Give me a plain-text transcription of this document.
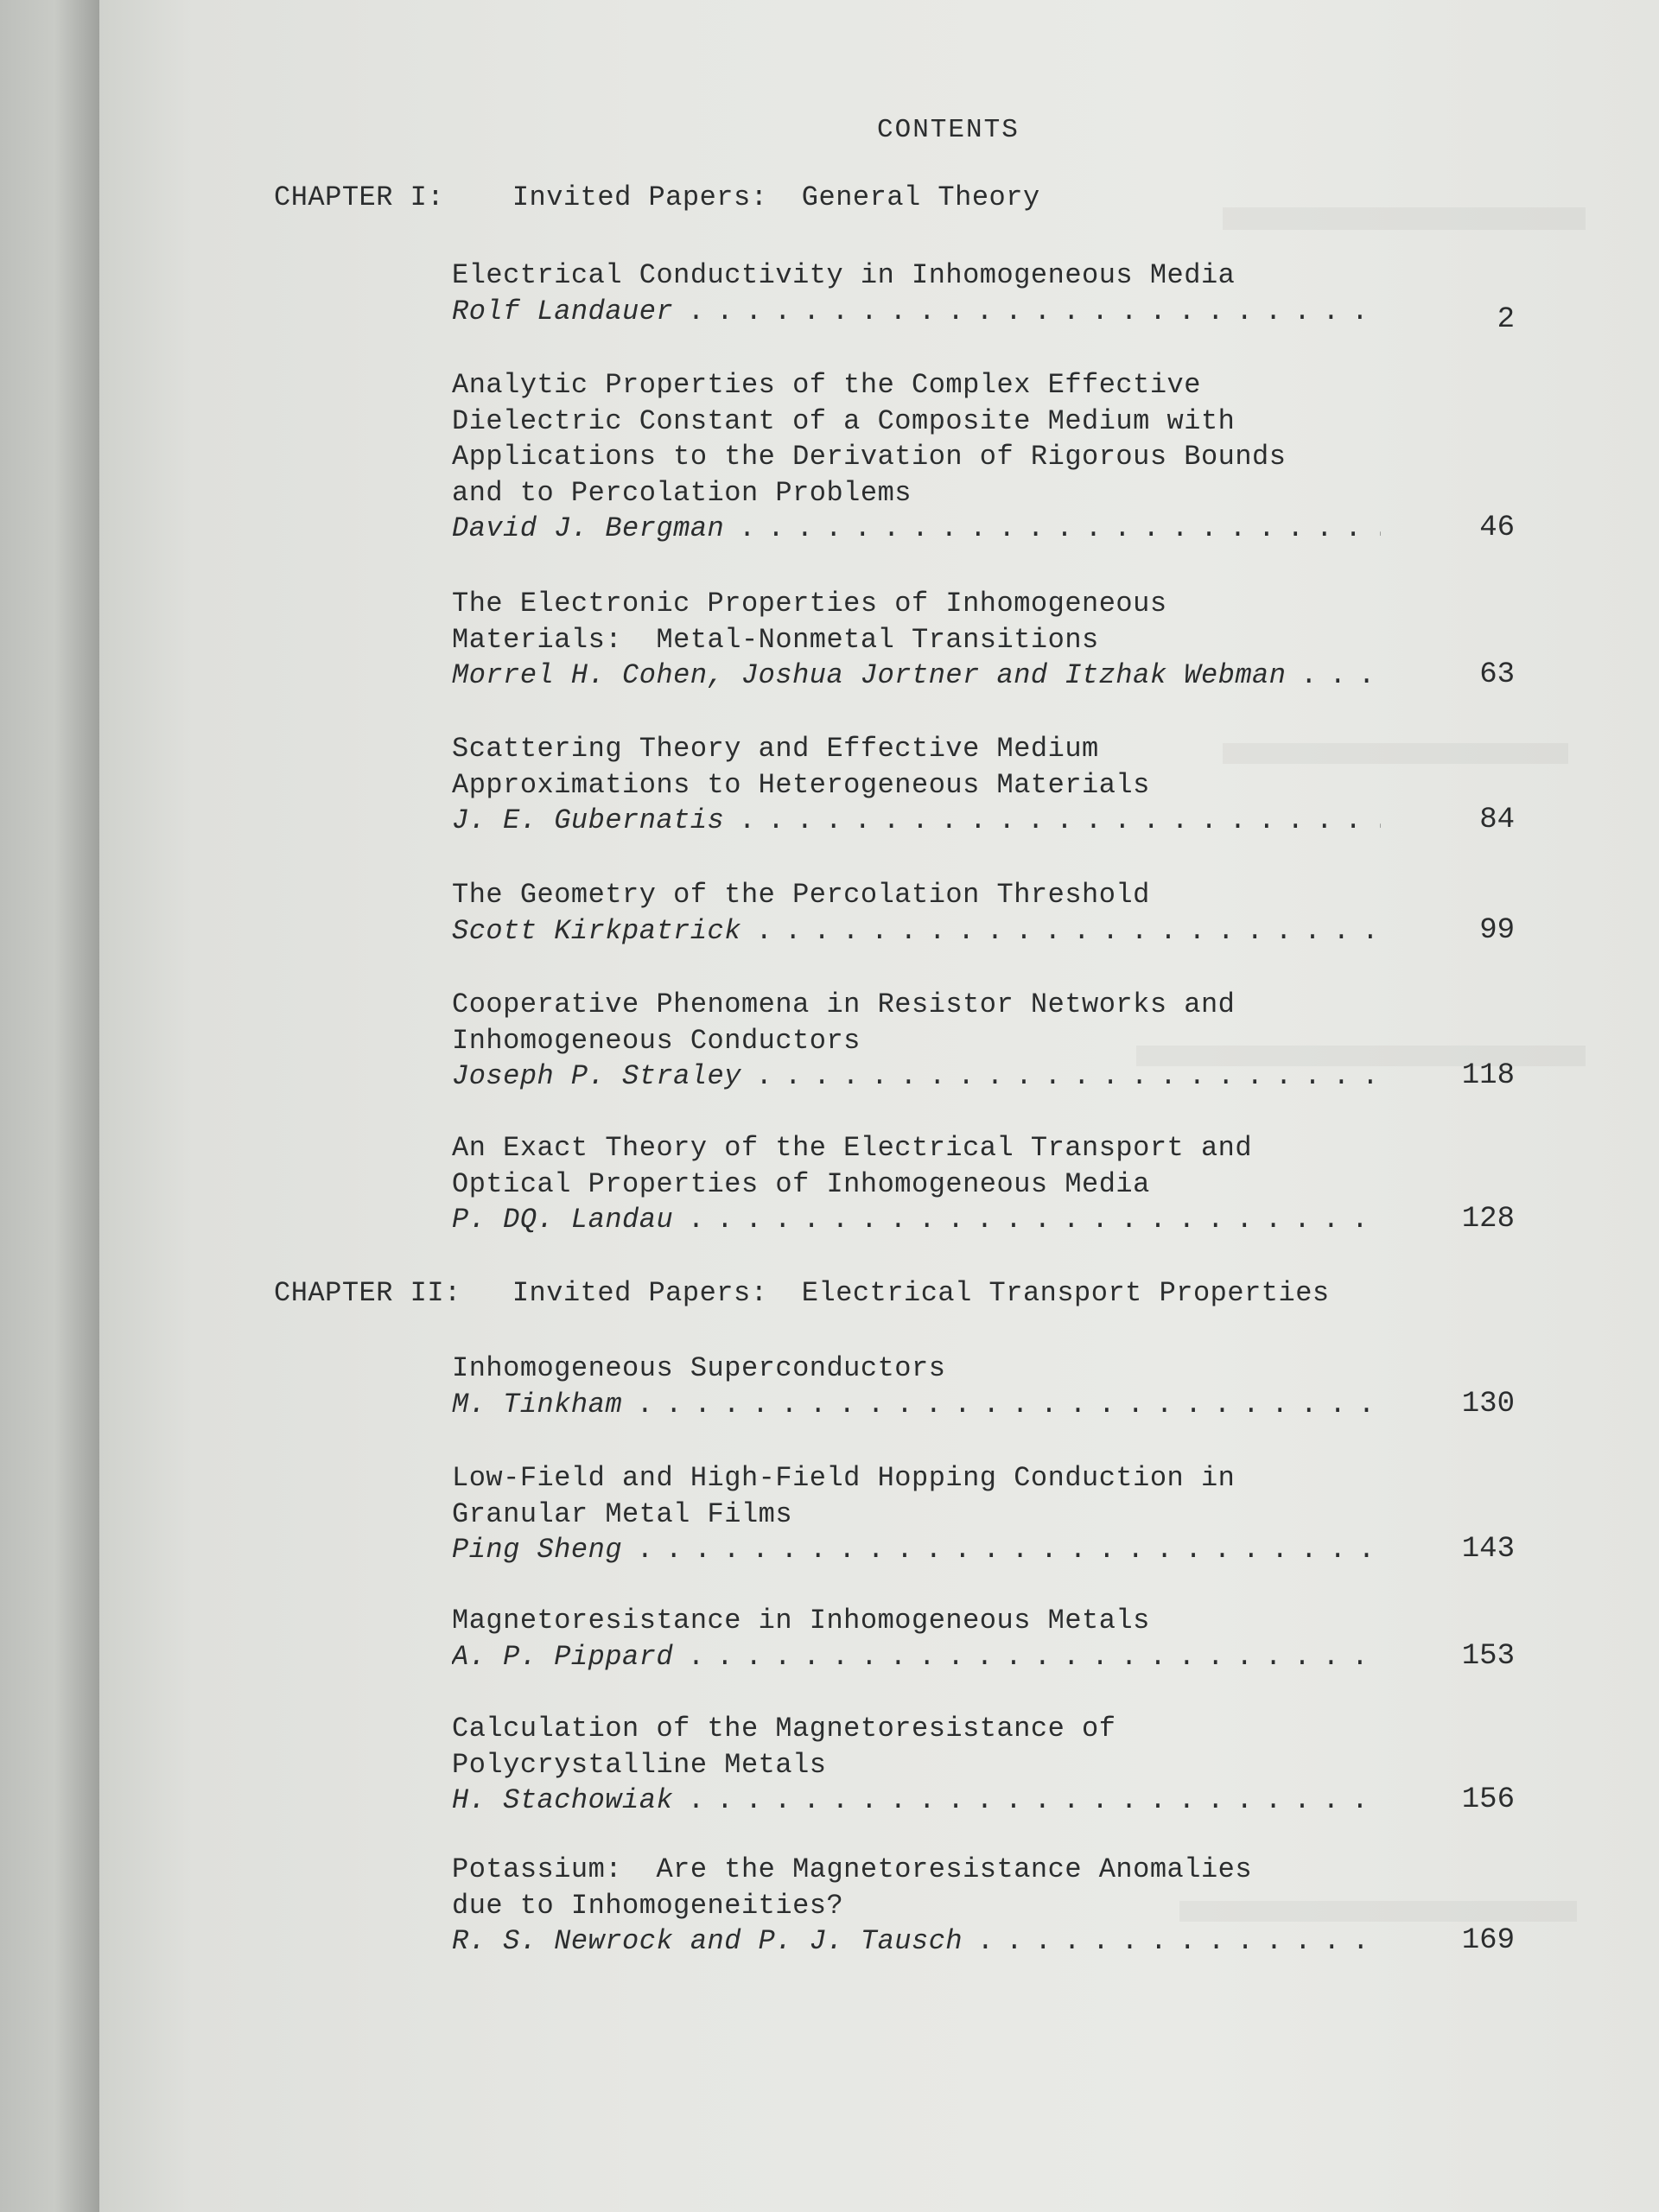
CONTENTS
CHAPTER I: Invited Papers:  General Theory
Electrical Conductivity in Inhomogeneous Media
Rolf Landauer . . .	2
Analytic Properties of the Complex Effective
Dielectric Constant of a Composite Medium with
Applications to the Derivation of Rigorous Bounds
and to Percolation Problems
David J. Bergman . . .	46
The Electronic Properties of Inhomogeneous
Materials:  Metal-Nonmetal Transitions
Morrel H. Cohen, Joshua Jortner and Itzhak Webman . . .	63
Scattering Theory and Effective Medium
Approximations to Heterogeneous Materials
J. E. Gubernatis . . .	84
The Geometry of the Percolation Threshold
Scott Kirkpatrick . . .	99
Cooperative Phenomena in Resistor Networks and
Inhomogeneous Conductors
Joseph P. Straley . . .	118
An Exact Theory of the Electrical Transport and
Optical Properties of Inhomogeneous Media
P. DQ. Landau . . .	128
CHAPTER II: Invited Papers:  Electrical Transport Properties
Inhomogeneous Superconductors
M. Tinkham . . .	130
Low-Field and High-Field Hopping Conduction in
Granular Metal Films
Ping Sheng . . .	143
Magnetoresistance in Inhomogeneous Metals
A. P. Pippard . . .	153
Calculation of the Magnetoresistance of
Polycrystalline Metals
H. Stachowiak . . .	156
Potassium:  Are the Magnetoresistance Anomalies
due to Inhomogeneities?
R. S. Newrock and P. J. Tausch . . .	169
